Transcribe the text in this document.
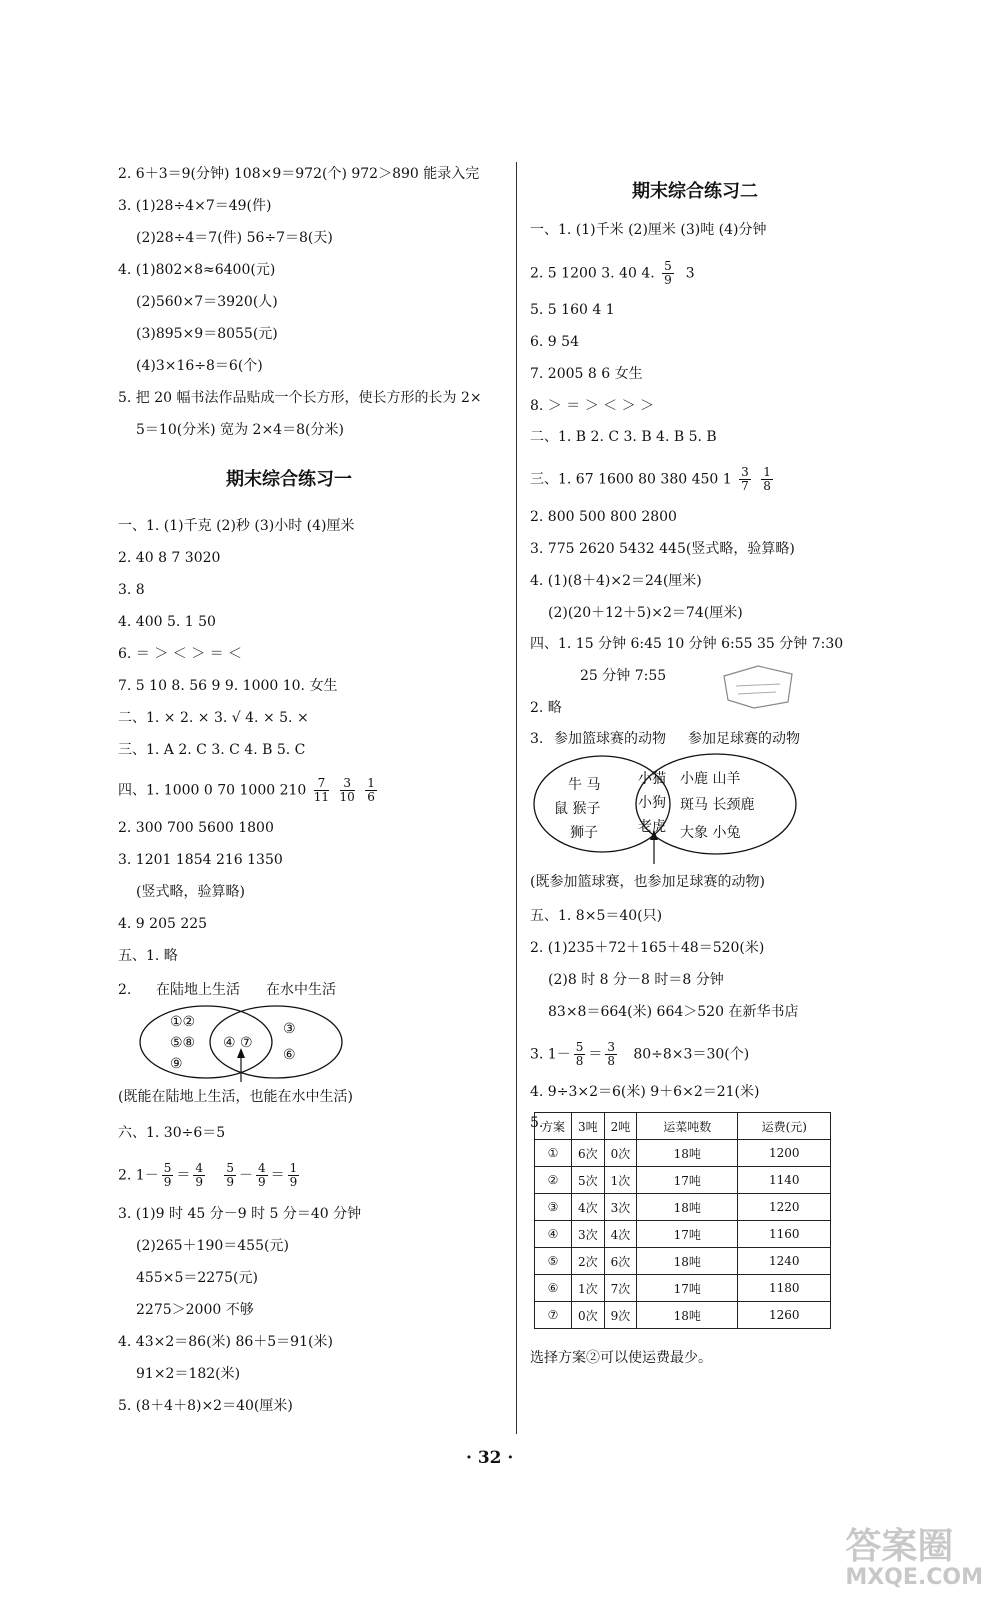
2. 6＋3＝9(分钟) 108×9＝972(个) 972＞890 能录入完
3. (1)28÷4×7＝49(件)
(2)28÷4＝7(件) 56÷7＝8(天)
4. (1)802×8≈6400(元)
(2)560×7＝3920(人)
(3)895×9＝8055(元)
(4)3×16÷8＝6(个)
5. 把 20 幅书法作品贴成一个长方形，使长方形的长为 2×
5＝10(分米) 宽为 2×4＝8(分米)
期末综合练习一
一、1. (1)千克 (2)秒 (3)小时 (4)厘米
2. 40 8 7 3020
3. 8
4. 400 5. 1 50
6. ＝ ＞ ＜ ＞ ＝ ＜
7. 5 10 8. 56 9 9. 1000 10. 女生
二、1. × 2. × 3. √ 4. × 5. ×
三、1. A 2. C 3. C 4. B 5. C
四、1. 1000 0 70 1000 $210 \frac{7}{11}$
$\frac{3}{10}$
$\frac{1}{6}$
2. 300 700 5600 1800
3. 1201 1854 216 1350
(竖式略，验算略)
4. 9 205 225
五、1. 略
2. 在陆地上生活 在水中生活
①②
⑤⑧
⑨
④ ⑦
③
⑥
(既能在陆地上生活，也能在水中生活)
六、1. 30÷6＝5
2. $1- \frac{5}{9} = \frac{4}{9}$
$\frac{5}{9} - \frac{4}{9} = \frac{1}{9}$
3. (1)9 时 45 分－9 时 5 分＝40 分钟
(2)265＋190＝455(元)
455×5＝2275(元)
2275＞2000 不够
4. 43×2＝86(米) 86＋5＝91(米)
91×2＝182(米)
5. (8＋4＋8)×2＝40(厘米)
期末综合练习二
一、1. (1)千米 (2)厘米 (3)吨 (4)分钟
2. 5 1200 3. 40 4. $\frac{5}{9} 3$
5. 5 160 4 1
6. 9 54
7. 2005 8 6 女生
8. ＞ ＝ ＞ ＜ ＞ ＞
二、1. B 2. C 3. B 4. B 5. B
三、1. 67 1600 80 380 450 $1 \frac{3}{7}$
$\frac{1}{8}$
2. 800 500 800 2800
3. 775 2620 5432 445(竖式略，验算略)
4. (1)(8＋4)×2＝24(厘米)
(2)(20＋12＋5)×2＝74(厘米)
四、1. 15 分钟 6:45 10 分钟 6:55 35 分钟 7:30
25 分钟 7:55
2. 略
3. 参加篮球赛的动物 参加足球赛的动物
牛 马
鼠 猴子
狮子
小猫
小狗
老虎
小鹿 山羊
斑马 长颈鹿
大象 小兔
(既参加篮球赛，也参加足球赛的动物)
五、1. 8×5＝40(只)
2. (1)235＋72＋165＋48＝520(米)
(2)8 时 8 分－8 时＝8 分钟
83×8＝664(米) 664＞520 在新华书店
3. $1- \frac{5}{8} = \frac{3}{8} 80\div 8\times 3=30$(个)
4. 9÷3×2＝6(米) 9＋6×2＝21(米)
5.
方案	3吨	2吨	运菜吨数	运费(元)
①	6次	0次	18吨	1200
②	5次	1次	17吨	1140
③	4次	3次	18吨	1220
④	3次	4次	17吨	1160
⑤	2次	6次	18吨	1240
⑥	1次	7次	17吨	1180
⑦	0次	9次	18吨	1260
选择方案②可以使运费最少。
· 32 ·
答案圈
MXQE.COM
